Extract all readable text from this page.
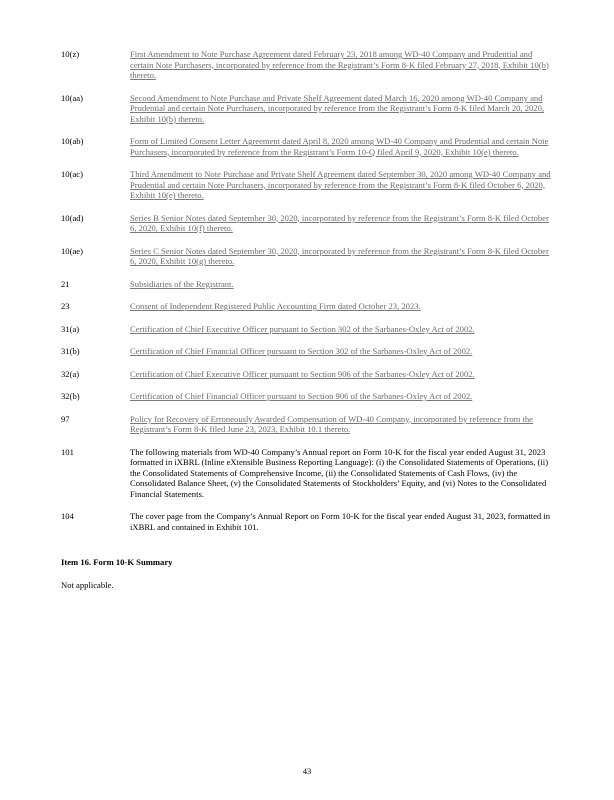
10(z)	First Amendment to Note Purchase Agreement dated February 23, 2018 among WD-40 Company and Prudential and certain Note Purchasers, incorporated by reference from the Registrant’s Form 8-K filed February 27, 2018, Exhibit 10(b) thereto.
10(aa)	Second Amendment to Note Purchase and Private Shelf Agreement dated March 16, 2020 among WD-40 Company and Prudential and certain Note Purchasers, incorporated by reference from the Registrant’s Form 8-K filed March 20, 2020, Exhibit 10(b) thereto.
10(ab)	Form of Limited Consent Letter Agreement dated April 8, 2020 among WD-40 Company and Prudential and certain Note Purchasers, incorporated by reference from the Registrant’s Form 10-Q filed April 9, 2020, Exhibit 10(e) thereto.
10(ac)	Third Amendment to Note Purchase and Private Shelf Agreement dated September 30, 2020 among WD-40 Company and Prudential and certain Note Purchasers, incorporated by reference from the Registrant’s Form 8-K filed October 6, 2020, Exhibit 10(e) thereto.
10(ad)	Series B Senior Notes dated September 30, 2020, incorporated by reference from the Registrant’s Form 8-K filed October 6, 2020, Exhibit 10(f) thereto.
10(ae)	Series C Senior Notes dated September 30, 2020, incorporated by reference from the Registrant’s Form 8-K filed October 6, 2020, Exhibit 10(g) thereto.
21	Subsidiaries of the Registrant.
23	Consent of Independent Registered Public Accounting Firm dated October 23, 2023.
31(a)	Certification of Chief Executive Officer pursuant to Section 302 of the Sarbanes-Oxley Act of 2002.
31(b)	Certification of Chief Financial Officer pursuant to Section 302 of the Sarbanes-Oxley Act of 2002.
32(a)	Certification of Chief Executive Officer pursuant to Section 906 of the Sarbanes-Oxley Act of 2002.
32(b)	Certification of Chief Financial Officer pursuant to Section 906 of the Sarbanes-Oxley Act of 2002.
97	Policy for Recovery of Erroneously Awarded Compensation of WD-40 Company, incorporated by reference from the Registrant’s Form 8-K filed June 23, 2023, Exhibit 10.1 thereto.
101	The following materials from WD-40 Company’s Annual report on Form 10-K for the fiscal year ended August 31, 2023 formatted in iXBRL (Inline eXtensible Business Reporting Language): (i) the Consolidated Statements of Operations, (ii) the Consolidated Statements of Comprehensive Income, (ii) the Consolidated Statements of Cash Flows, (iv) the Consolidated Balance Sheet, (v) the Consolidated Statements of Stockholders’ Equity, and (vi) Notes to the Consolidated Financial Statements.
104	The cover page from the Company’s Annual Report on Form 10-K for the fiscal year ended August 31, 2023, formatted in iXBRL and contained in Exhibit 101.
Item 16. Form 10-K Summary
Not applicable.
43
